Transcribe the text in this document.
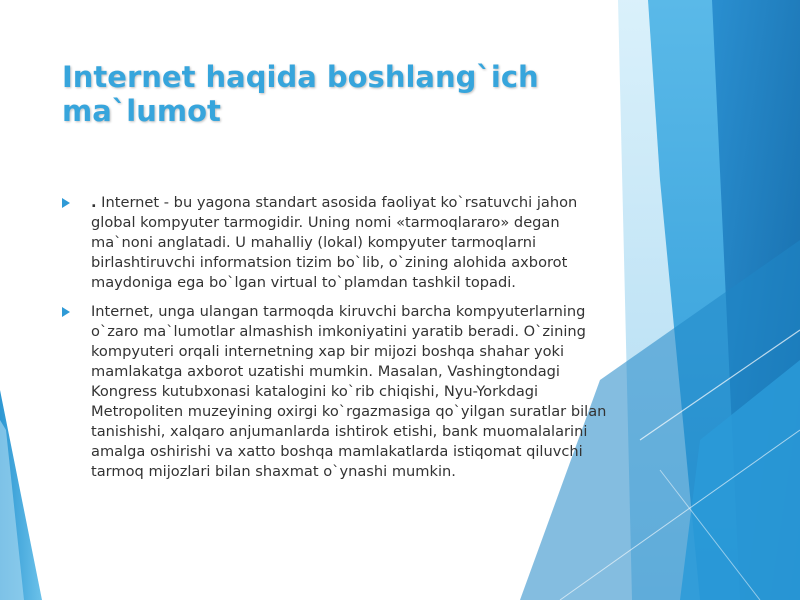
Internet haqida boshlang`ich ma`lumot
. Internet - bu yagona standart asosida faoliyat ko`rsatuvchi jahon global kompyuter tarmogidir. Uning nomi «tarmoqlararo» degan ma`noni anglatadi. U mahalliy (lokal) kompyuter tarmoqlarni birlashtiruvchi informatsion tizim bo`lib, o`zining alohida axborot maydoniga ega bo`lgan virtual to`plamdan tashkil topadi.
Internet, unga ulangan tarmoqda kiruvchi barcha kompyuterlarning o`zaro ma`lumotlar almashish imkoniyatini yaratib beradi. O`zining kompyuteri orqali internetning xap bir mijozi boshqa shahar yoki mamlakatga axborot uzatishi mumkin. Masalan, Vashingtondagi Kongress kutubxonasi katalogini ko`rib chiqishi, Nyu-Yorkdagi Metropoliten muzeyining oxirgi ko`rgazmasiga qo`yilgan suratlar bilan tanishishi, xalqaro anjumanlarda ishtirok etishi, bank muomalalarini amalga oshirishi va xatto boshqa mamlakatlarda istiqomat qiluvchi tarmoq mijozlari bilan shaxmat o`ynashi mumkin.
